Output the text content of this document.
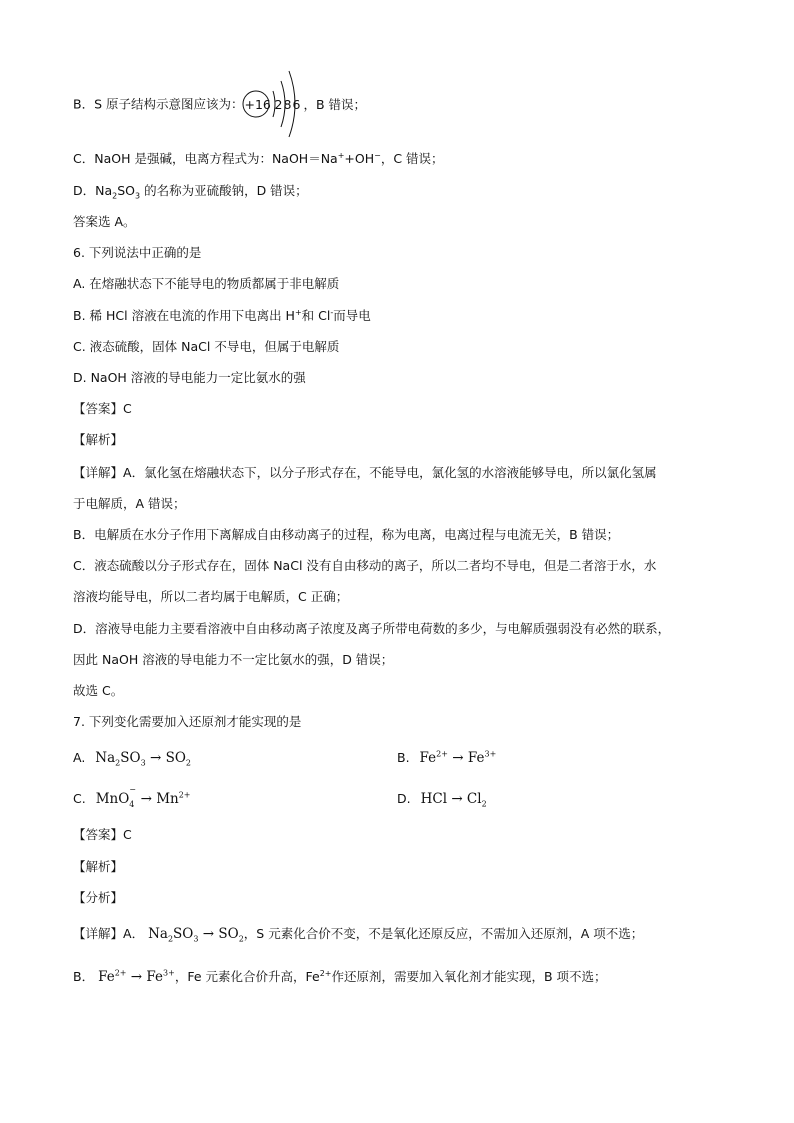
B．S 原子结构示意图应该为： +16 2 8 6 ，B 错误；
C．NaOH 是强碱，电离方程式为：NaOH＝Na++OH−，C 错误；
D．$Na_2SO_3$ 的名称为亚硫酸钠，D 错误；
答案选 A。
6. 下列说法中正确的是
A. 在熔融状态下不能导电的物质都属于非电解质
B. 稀 HCl 溶液在电流的作用下电离出 H+和 Cl-而导电
C. 液态硫酸，固体 NaCl 不导电，但属于电解质
D. NaOH 溶液的导电能力一定比氨水的强
【答案】C
【解析】
【详解】A．氯化氢在熔融状态下，以分子形式存在，不能导电，氯化氢的水溶液能够导电，所以氯化氢属
于电解质，A 错误；
B．电解质在水分子作用下离解成自由移动离子的过程，称为电离，电离过程与电流无关，B 错误；
C．液态硫酸以分子形式存在，固体 NaCl 没有自由移动的离子，所以二者均不导电，但是二者溶于水，水
溶液均能导电，所以二者均属于电解质，C 正确；
D．溶液导电能力主要看溶液中自由移动离子浓度及离子所带电荷数的多少，与电解质强弱没有必然的联系，
因此 NaOH 溶液的导电能力不一定比氨水的强，D 错误；
故选 C。
7. 下列变化需要加入还原剂才能实现的是
A. $Na_2SO_3 \to SO_2$	B. $Fe^{2+} \to Fe^{3+}$
C. MnO
−
$4 \to Mn^{2+}$	D. HCl → $Cl_2$
【答案】C
【解析】
【分析】
【详解】A． $Na_2SO_3 \to SO_2$，S 元素化合价不变，不是氧化还原反应，不需加入还原剂，A 项不选；
B． $Fe^{2+} \to Fe^{3+}$，Fe 元素化合价升高，$Fe^{2+}$作还原剂，需要加入氧化剂才能实现，B 项不选；
